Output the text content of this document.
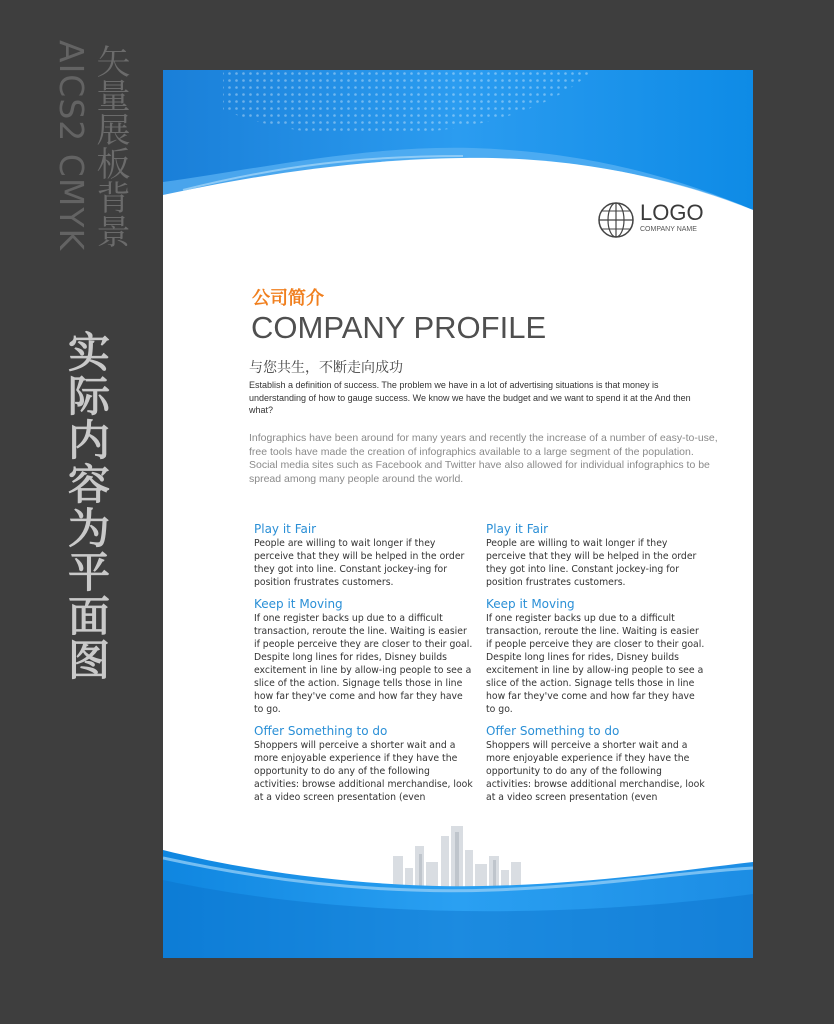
矢量展板背景
AICS2 CMYK
实际内容为平面图
LOGO
COMPANY NAME
公司简介
COMPANY PROFILE
与您共生，不断走向成功
Establish a definition of success. The problem we have in a lot of advertising situations is that money is understanding of how to gauge success. We know we have the budget and we want to spend it at the And then what?
Infographics have been around for many years and recently the increase of a number of easy-to-use, free tools have made the creation of infographics available to a large segment of the population. Social media sites such as Facebook and Twitter have also allowed for individual infographics to be spread among many people around the world.
Play it Fair
People are willing to wait longer if they perceive that they will be helped in the order they got into line. Constant jockey-ing for position frustrates customers.
Keep it Moving
If one register backs up due to a difficult transaction, reroute the line. Waiting is easier if people perceive they are closer to their goal. Despite long lines for rides, Disney builds excitement in line by allow-ing people to see a slice of the action. Signage tells those in line how far they've come and how far they have to go.
Offer Something to do
Shoppers will perceive a shorter wait and a more enjoyable experience if they have the opportunity to do any of the following activities: browse additional merchandise, look at a video screen presentation (even
Play it Fair
People are willing to wait longer if they perceive that they will be helped in the order they got into line. Constant jockey-ing for position frustrates customers.
Keep it Moving
If one register backs up due to a difficult transaction, reroute the line. Waiting is easier if people perceive they are closer to their goal. Despite long lines for rides, Disney builds excitement in line by allow-ing people to see a slice of the action. Signage tells those in line how far they've come and how far they have to go.
Offer Something to do
Shoppers will perceive a shorter wait and a more enjoyable experience if they have the opportunity to do any of the following activities: browse additional merchandise, look at a video screen presentation (even
